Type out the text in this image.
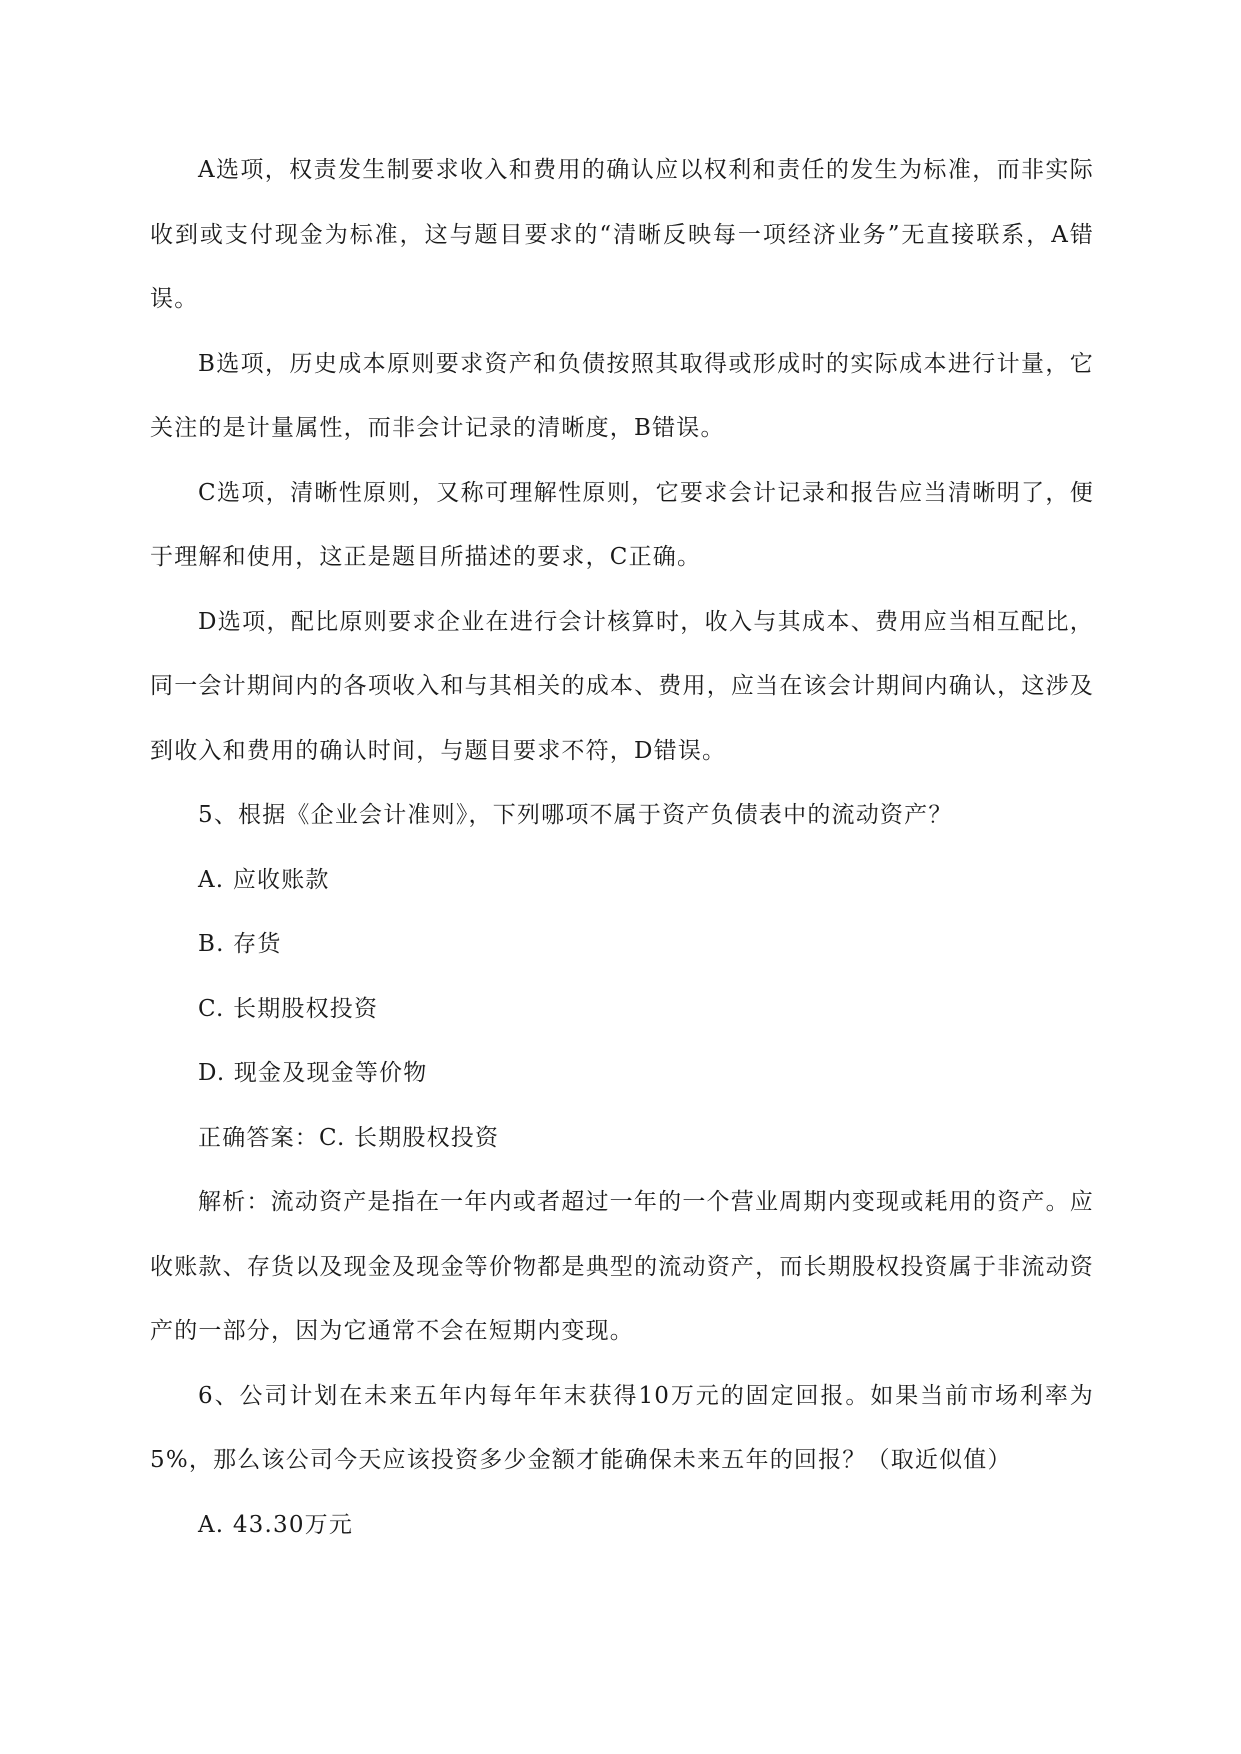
A选项，权责发生制要求收入和费用的确认应以权利和责任的发生为标准，而非实际收到或支付现金为标准，这与题目要求的“清晰反映每一项经济业务”无直接联系，A错误。

B选项，历史成本原则要求资产和负债按照其取得或形成时的实际成本进行计量，它关注的是计量属性，而非会计记录的清晰度，B错误。

C选项，清晰性原则，又称可理解性原则，它要求会计记录和报告应当清晰明了，便于理解和使用，这正是题目所描述的要求，C正确。

D选项，配比原则要求企业在进行会计核算时，收入与其成本、费用应当相互配比，同一会计期间内的各项收入和与其相关的成本、费用，应当在该会计期间内确认，这涉及到收入和费用的确认时间，与题目要求不符，D错误。

5、根据《企业会计准则》，下列哪项不属于资产负债表中的流动资产？

A. 应收账款

B. 存货

C. 长期股权投资

D. 现金及现金等价物

正确答案：C. 长期股权投资

解析：流动资产是指在一年内或者超过一年的一个营业周期内变现或耗用的资产。应收账款、存货以及现金及现金等价物都是典型的流动资产，而长期股权投资属于非流动资产的一部分，因为它通常不会在短期内变现。

6、公司计划在未来五年内每年年末获得10万元的固定回报。如果当前市场利率为5%，那么该公司今天应该投资多少金额才能确保未来五年的回报？（取近似值）

A. 43.30万元
